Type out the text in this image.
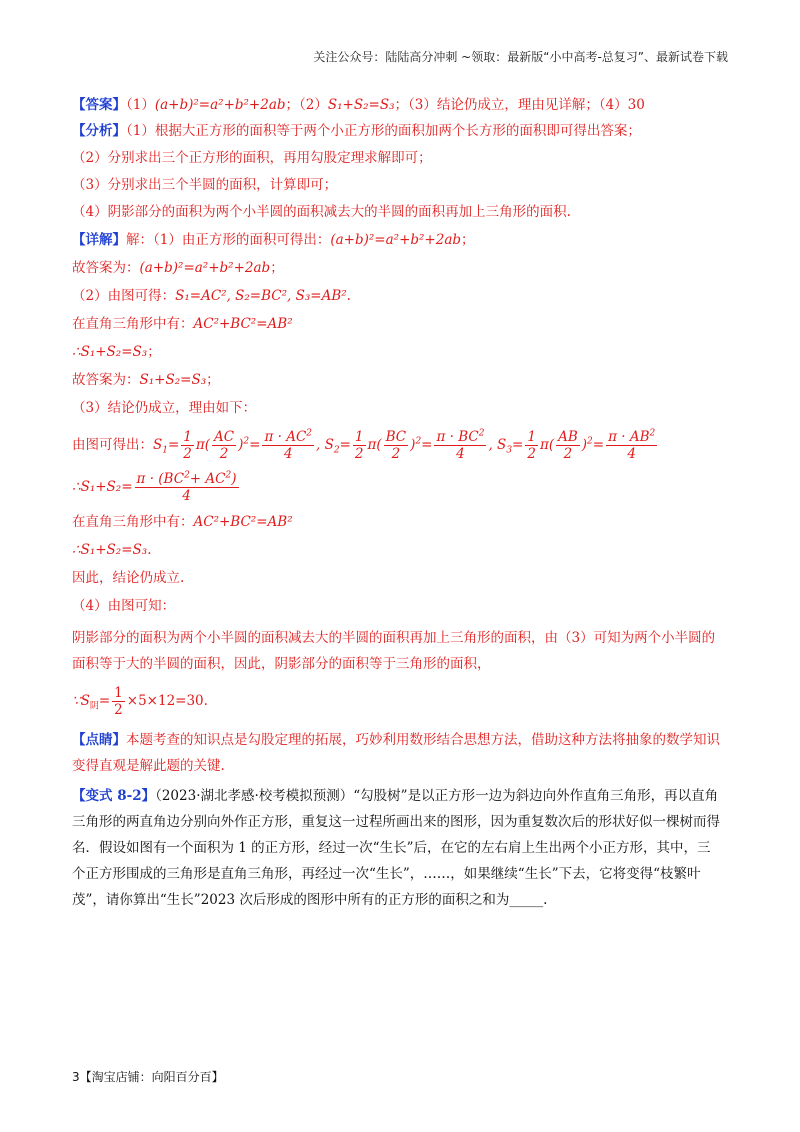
关注公众号：陆陆高分冲刺 ~领取：最新版“小中高考-总复习”、最新试卷下载

【答案】（1）(a+b)²=a²+b²+2ab；（2）S₁+S₂=S₃；（3）结论仍成立，理由见详解；（4）30

【分析】（1）根据大正方形的面积等于两个小正方形的面积加两个长方形的面积即可得出答案；

（2）分别求出三个正方形的面积，再用勾股定理求解即可；

（3）分别求出三个半圆的面积，计算即可；

（4）阴影部分的面积为两个小半圆的面积减去大的半圆的面积再加上三角形的面积.

【详解】解：（1）由正方形的面积可得出：(a+b)²=a²+b²+2ab；

故答案为：(a+b)²=a²+b²+2ab；

（2）由图可得：S₁=AC², S₂=BC², S₃=AB².

在直角三角形中有：AC²+BC²=AB²

∴S₁+S₂=S₃；

故答案为：S₁+S₂=S₃；

（3）结论仍成立，理由如下：

由图可得出：$S_1= \frac{1}{2} \pi( \frac{AC}{2} )^2= \frac{\pi \cdot AC^2}{4}$ , $S_2= \frac{1}{2} \pi( \frac{BC}{2} )^2= \frac{\pi \cdot BC^2}{4}$ , $S_3= \frac{1}{2} \pi( \frac{AB}{2} )^2= \frac{\pi \cdot AB^2}{4}$

∴S₁+S₂= $\frac{\pi \cdot (BC^2+ AC^2)}{4}$

在直角三角形中有：AC²+BC²=AB²

∴S₁+S₂=S₃.

因此，结论仍成立.

（4）由图可知：

阴影部分的面积为两个小半圆的面积减去大的半圆的面积再加上三角形的面积，由（3）可知为两个小半圆的面积等于大的半圆的面积，因此，阴影部分的面积等于三角形的面积，

$\because S_阴= \frac{1}{2} \times 5\times 12=30$.

【点睛】本题考查的知识点是勾股定理的拓展，巧妙利用数形结合思想方法，借助这种方法将抽象的数学知识变得直观是解此题的关键.

【变式 8-2】（2023·湖北孝感·校考模拟预测）“勾股树”是以正方形一边为斜边向外作直角三角形，再以直角三角形的两直角边分别向外作正方形，重复这一过程所画出来的图形，因为重复数次后的形状好似一棵树而得名．假设如图有一个面积为 1 的正方形，经过一次“生长”后，在它的左右肩上生出两个小正方形，其中，三个正方形围成的三角形是直角三角形，再经过一次“生长”，……，如果继续“生长”下去，它将变得“枝繁叶茂”，请你算出“生长”2023 次后形成的图形中所有的正方形的面积之和为_____.

3【淘宝店铺：向阳百分百】
